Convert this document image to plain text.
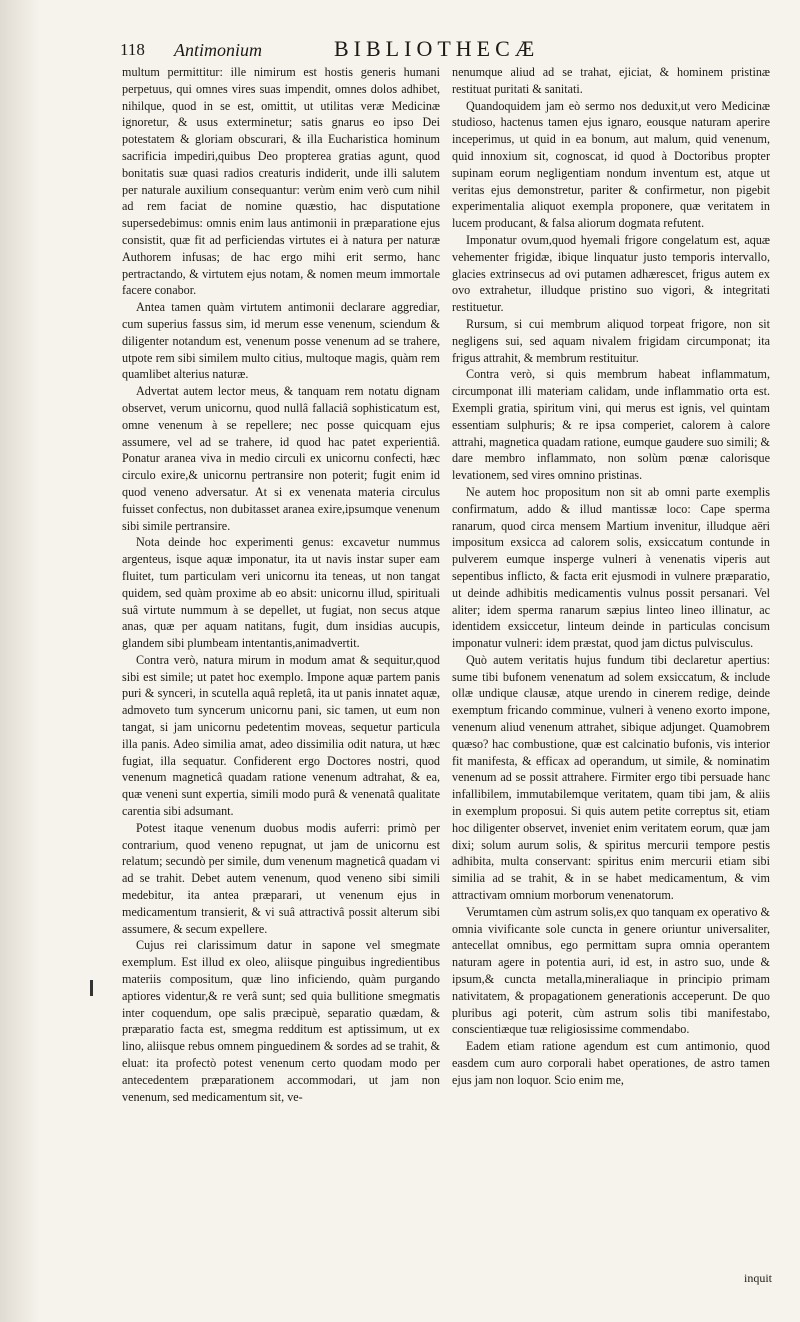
118 Antimonium	BIBLIOTHECÆ

multum permittitur: ille nimirum est hostis generis humani perpetuus, qui omnes vires suas impendit, omnes dolos adhibet, nihilque, quod in se est, omittit, ut utilitas veræ Medicinæ ignoretur, & usus exterminetur; satis gnarus eo ipso Dei potestatem & gloriam obscurari, & illa Eucharistica hominum sacrificia impediri,quibus Deo propterea gratias agunt, quod bonitatis suæ quasi radios creaturis indiderit, unde illi salutem per naturale auxilium consequantur: verùm enim verò cum nihil ad rem faciat de nomine quæstio, hac disputatione supersedebimus: omnis enim laus antimonii in præparatione ejus consistit, quæ fit ad perficiendas virtutes ei à natura per naturæ Authorem infusas; de hac ergo mihi erit sermo, hanc pertractando, & virtutem ejus notam, & nomen meum immortale facere conabor.

Antea tamen quàm virtutem antimonii declarare aggrediar, cum superius fassus sim, id merum esse venenum, sciendum & diligenter notandum est, venenum posse venenum ad se trahere, utpote rem sibi similem multo citius, multoque magis, quàm rem quamlibet alterius naturæ.

Advertat autem lector meus, & tanquam rem notatu dignam observet, verum unicornu, quod nullâ fallaciâ sophisticatum est, omne venenum à se repellere; nec posse quicquam ejus assumere, vel ad se trahere, id quod hac patet experientiâ. Ponatur aranea viva in medio circuli ex unicornu confecti, hæc circulo exire,& unicornu pertransire non poterit; fugit enim id quod veneno adversatur. At si ex venenata materia circulus fuisset confectus, non dubitasset aranea exire,ipsumque venenum sibi simile pertransire.

Nota deinde hoc experimenti genus: excavetur nummus argenteus, isque aquæ imponatur, ita ut navis instar super eam fluitet, tum particulam veri unicornu ita teneas, ut non tangat quidem, sed quàm proxime ab eo absit: unicornu illud, spirituali suâ virtute nummum à se depellet, ut fugiat, non secus atque anas, quæ per aquam natitans, fugit, dum insidias aucupis, glandem sibi plumbeam intentantis,animadvertit.

Contra verò, natura mirum in modum amat & sequitur,quod sibi est simile; ut patet hoc exemplo. Impone aquæ partem panis puri & synceri, in scutella aquâ repletâ, ita ut panis innatet aquæ, admoveto tum syncerum unicornu pani, sic tamen, ut eum non tangat, si jam unicornu pedetentim moveas, sequetur particula illa panis. Adeo similia amat, adeo dissimilia odit natura, ut hæc fugiat, illa sequatur. Confiderent ergo Doctores nostri, quod venenum magneticâ quadam ratione venenum adtrahat, & ea, quæ veneni sunt expertia, simili modo purâ & venenatâ qualitate carentia sibi adsumant.

Potest itaque venenum duobus modis auferri: primò per contrarium, quod veneno repugnat, ut jam de unicornu est relatum; secundò per simile, dum venenum magneticâ quadam vi ad se trahit. Debet autem venenum, quod veneno sibi simili medebitur, ita antea præparari, ut venenum ejus in medicamentum transierit, & vi suâ attractivâ possit alterum sibi assumere, & secum expellere.

Cujus rei clarissimum datur in sapone vel smegmate exemplum. Est illud ex oleo, aliisque pinguibus ingredientibus materiis compositum, quæ lino inficiendo, quàm purgando aptiores videntur,& re verâ sunt; sed quia bullitione smegmatis inter coquendum, ope salis præcipuè, separatio quædam, & præparatio facta est, smegma redditum est aptissimum, ut ex lino, aliisque rebus omnem pinguedinem & sordes ad se trahit, & eluat: ita profectò potest venenum certo quodam modo per antecedentem præparationem accommodari, ut jam non venenum, sed medicamentum sit, ve-

nenumque aliud ad se trahat, ejiciat, & hominem pristinæ restituat puritati & sanitati.

Quandoquidem jam eò sermo nos deduxit,ut vero Medicinæ studioso, hactenus tamen ejus ignaro, eousque naturam aperire inceperimus, ut quid in ea bonum, aut malum, quid venenum, quid innoxium sit, cognoscat, id quod à Doctoribus propter supinam eorum negligentiam nondum inventum est, atque ut veritas ejus demonstretur, pariter & confirmetur, non pigebit experimentalia aliquot exempla proponere, quæ veritatem in lucem producant, & falsa aliorum dogmata refutent.

Imponatur ovum,quod hyemali frigore congelatum est, aquæ vehementer frigidæ, ibique linquatur justo temporis intervallo, glacies extrinsecus ad ovi putamen adhærescet, frigus autem ex ovo extrahetur, illudque pristino suo vigori, & integritati restituetur.

Rursum, si cui membrum aliquod torpeat frigore, non sit negligens sui, sed aquam nivalem frigidam circumponat; ita frigus attrahit, & membrum restituitur.

Contra verò, si quis membrum habeat inflammatum, circumponat illi materiam calidam, unde inflammatio orta est. Exempli gratia, spiritum vini, qui merus est ignis, vel quintam essentiam sulphuris; & re ipsa comperiet, calorem à calore attrahi, magnetica quadam ratione, eumque gaudere suo simili; & dare membro inflammato, non solùm pœnæ calorisque levationem, sed vires omnino pristinas.

Ne autem hoc propositum non sit ab omni parte exemplis confirmatum, addo & illud mantissæ loco: Cape sperma ranarum, quod circa mensem Martium invenitur, illudque aëri impositum exsicca ad calorem solis, exsiccatum contunde in pulverem eumque insperge vulneri à venenatis viperis aut sepentibus inflicto, & facta erit ejusmodi in vulnere præparatio, ut deinde adhibitis medicamentis vulnus possit persanari. Vel aliter; idem sperma ranarum sæpius linteo lineo illinatur, ac identidem exsiccetur, linteum deinde in particulas concisum imponatur vulneri: idem præstat, quod jam dictus pulvisculus.

Quò autem veritatis hujus fundum tibi declaretur apertius: sume tibi bufonem venenatum ad solem exsiccatum, & include ollæ undique clausæ, atque urendo in cinerem redige, deinde exemptum fricando comminue, vulneri à veneno exorto impone, venenum aliud venenum attrahet, sibique adjunget. Quamobrem quæso? hac combustione, quæ est calcinatio bufonis, vis interior fit manifesta, & efficax ad operandum, ut simile, & nominatim venenum ad se possit attrahere. Firmiter ergo tibi persuade hanc infallibilem, immutabilemque veritatem, quam tibi jam, & aliis in exemplum proposui. Si quis autem petite correptus sit, etiam hoc diligenter observet, inveniet enim veritatem eorum, quæ jam dixi; solum aurum solis, & spiritus mercurii tempore pestis adhibita, multa conservant: spiritus enim mercurii etiam sibi similia ad se trahit, & in se habet medicamentum, & vim attractivam omnium morborum venenatorum.

Verumtamen cùm astrum solis,ex quo tanquam ex operativo & omnia vivificante sole cuncta in genere oriuntur universaliter, antecellat omnibus, ego permittam supra omnia operantem naturam agere in potentia auri, id est, in astro suo, unde & ipsum,& cuncta metalla,mineraliaque in principio primam nativitatem, & propagationem generationis acceperunt. De quo pluribus agi poterit, cùm astrum solis tibi manifestabo, conscientiæque tuæ religiosissime commendabo.

Eadem etiam ratione agendum est cum antimonio, quod easdem cum auro corporali habet operationes, de astro tamen ejus jam non loquor. Scio enim me,

inquit
